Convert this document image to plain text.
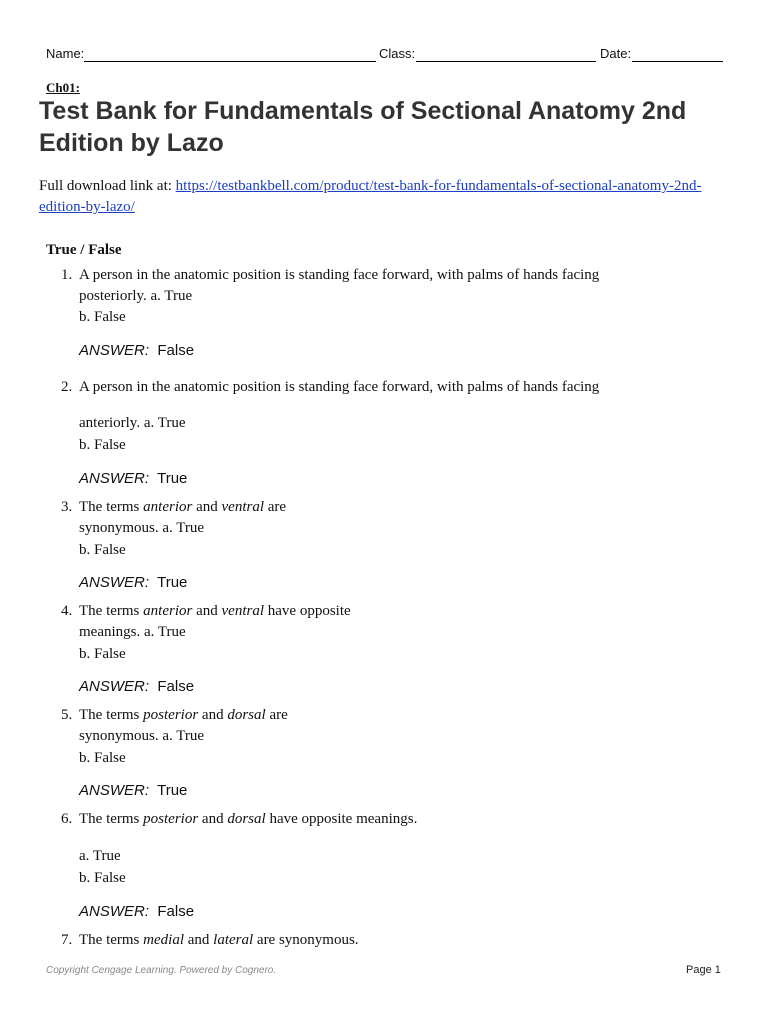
Name:	Class:	Date:
Ch01:
Test Bank for Fundamentals of Sectional Anatomy 2nd Edition by Lazo
Full download link at: https://testbankbell.com/product/test-bank-for-fundamentals-of-sectional-anatomy-2nd-edition-by-lazo/
True / False
1. A person in the anatomic position is standing face forward, with palms of hands facing
posteriorly. a. True
b. False
ANSWER: False
2. A person in the anatomic position is standing face forward, with palms of hands facing
anteriorly. a. True
b. False
ANSWER: True
3. The terms anterior and ventral are
synonymous. a. True
b. False
ANSWER: True
4. The terms anterior and ventral have opposite
meanings. a. True
b. False
ANSWER: False
5. The terms posterior and dorsal are
synonymous. a. True
b. False
ANSWER: True
6. The terms posterior and dorsal have opposite meanings.
a. True
b. False
ANSWER: False
7. The terms medial and lateral are synonymous.
Copyright Cengage Learning. Powered by Cognero.	Page 1
